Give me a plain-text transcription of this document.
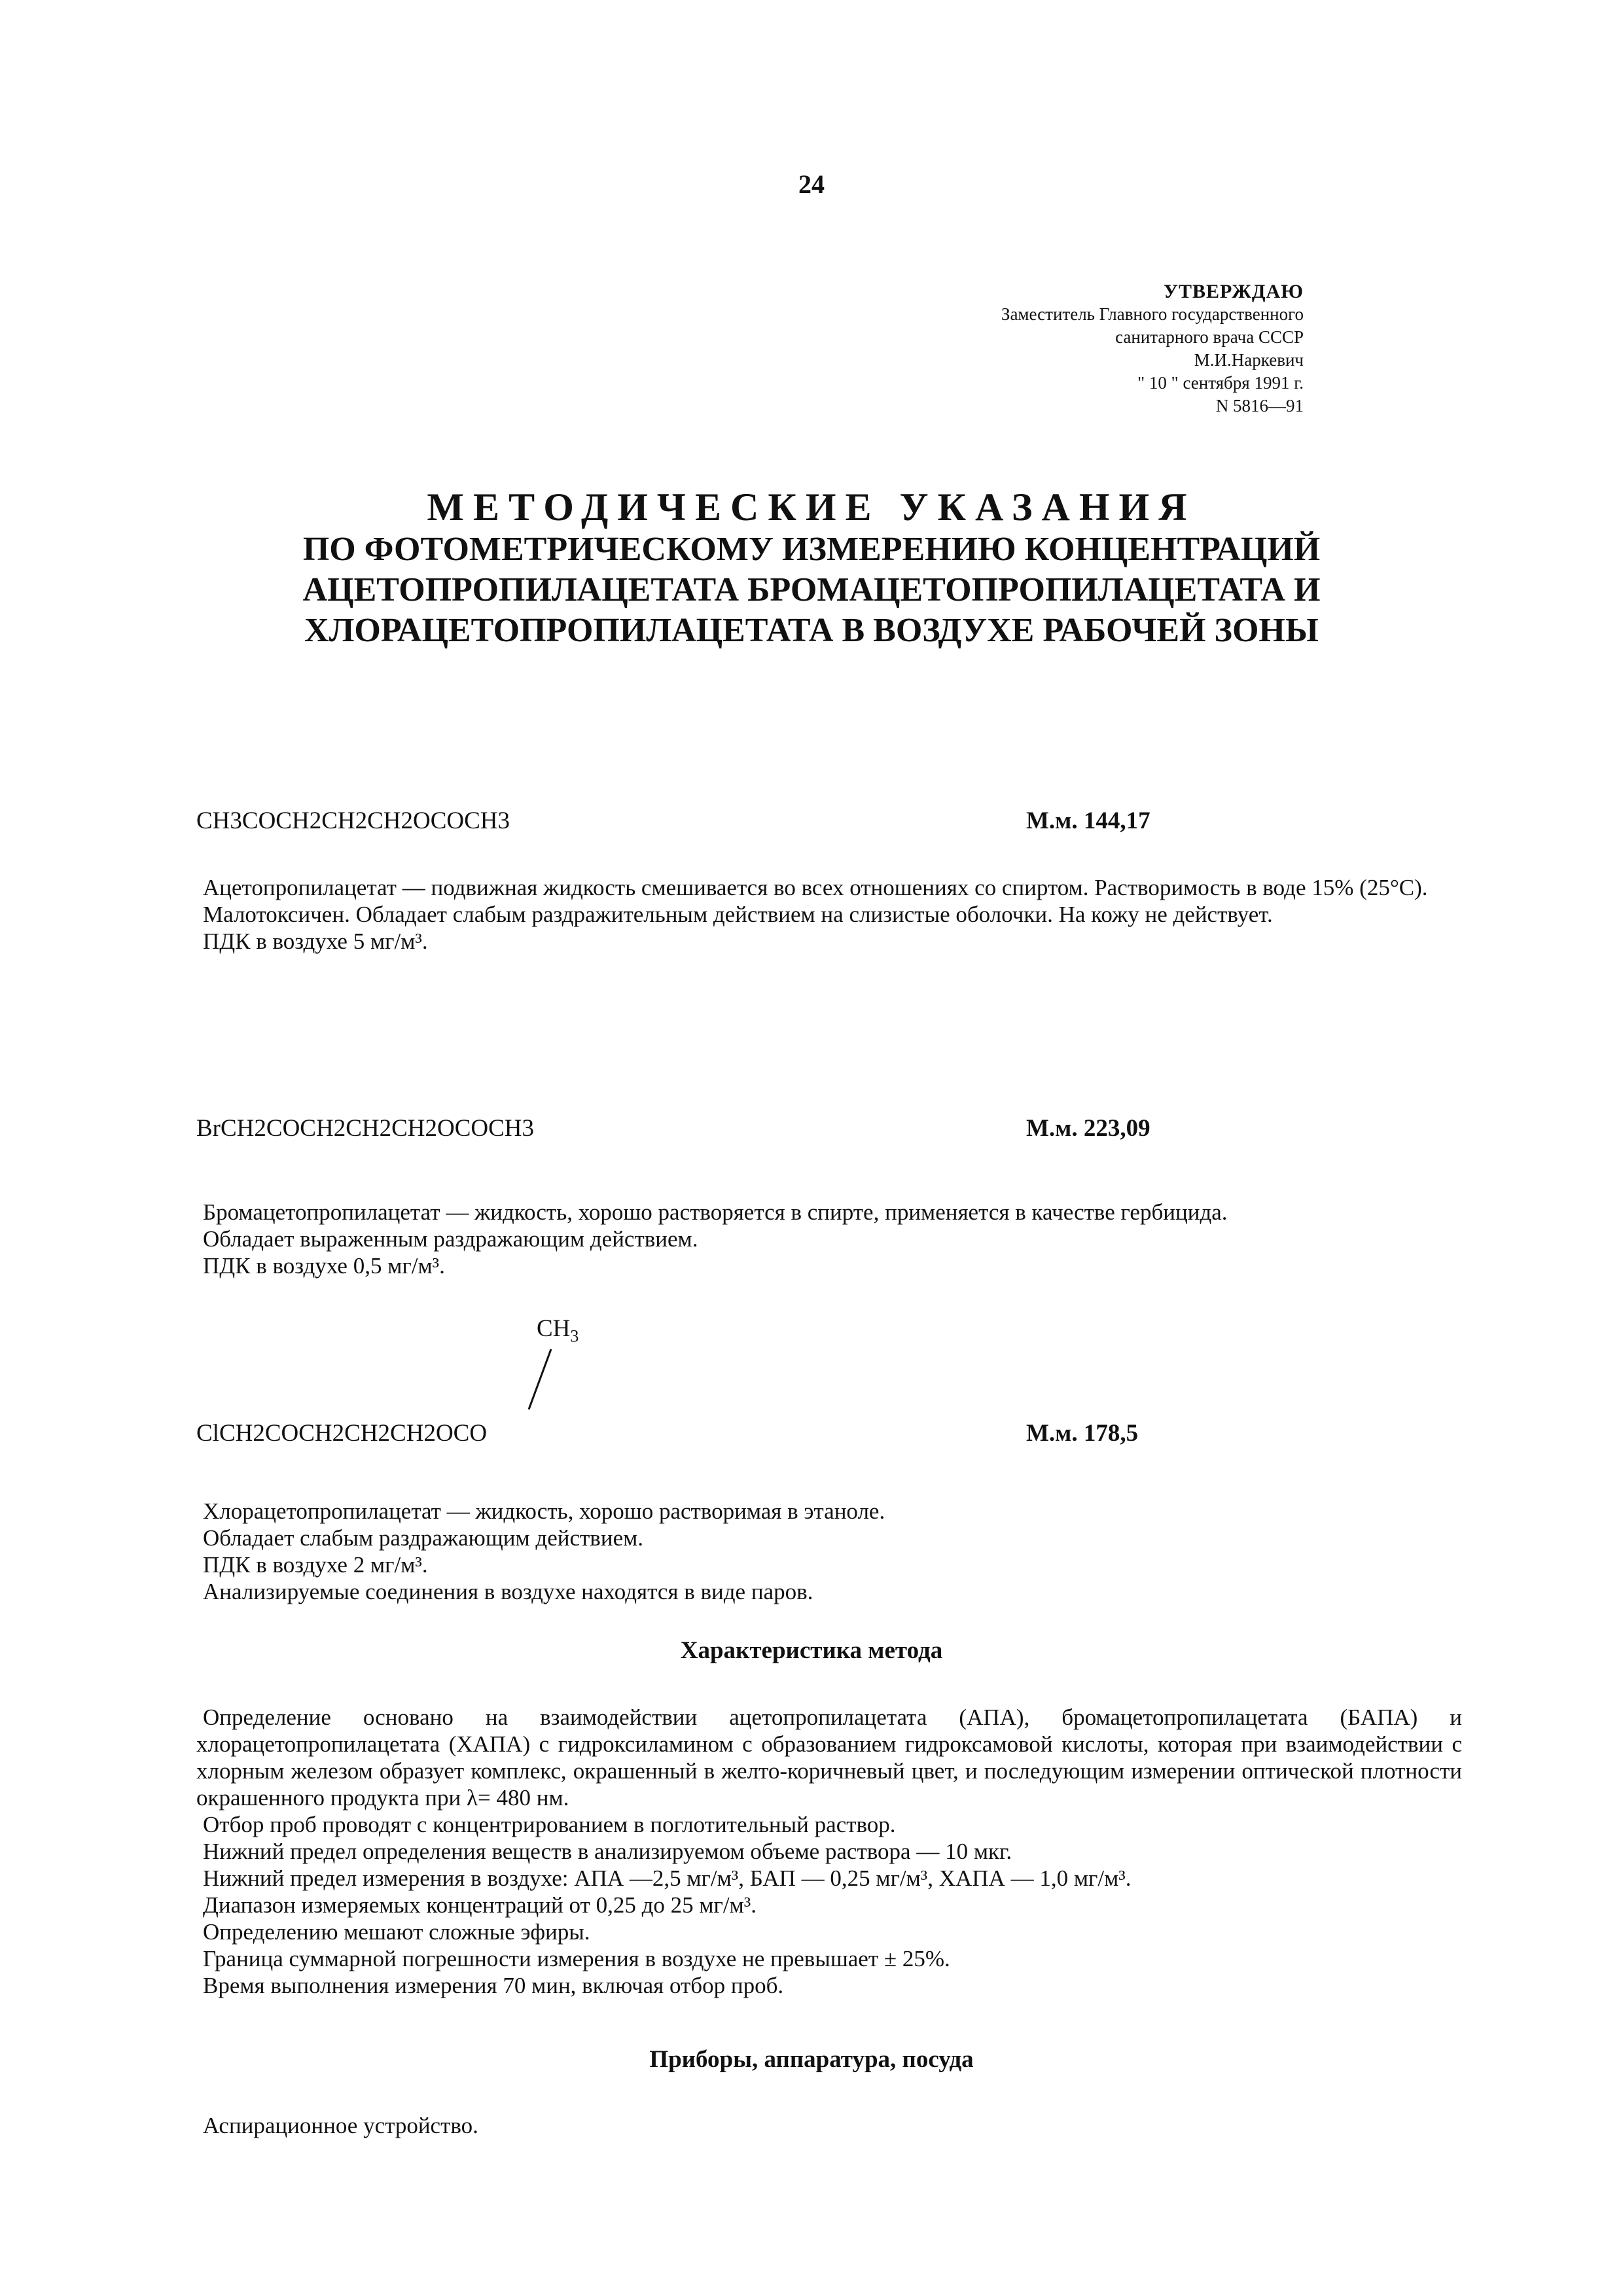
24
УТВЕРЖДАЮ
Заместитель Главного государственного
санитарного врача СССР
М.И.Наркевич
" 10 " сентября 1991 г.
N 5816—91
МЕТОДИЧЕСКИЕ УКАЗАНИЯ
ПО ФОТОМЕТРИЧЕСКОМУ ИЗМЕРЕНИЮ КОНЦЕНТРАЦИЙ
АЦЕТОПРОПИЛАЦЕТАТА БРОМАЦЕТОПРОПИЛАЦЕТАТА И
ХЛОРАЦЕТОПРОПИЛАЦЕТАТА В ВОЗДУХЕ РАБОЧЕЙ ЗОНЫ
CH3COCH2CH2CH2OCOCH3	М.м. 144,17

Ацетопропилацетат — подвижная жидкость смешивается во всех отношениях со спиртом. Растворимость в воде 15% (25°С).

Малотоксичен. Обладает слабым раздражительным действием на слизистые оболочки. На кожу не действует.

ПДК в воздухе 5 мг/м³.

BrCH2COCH2CH2CH2OCOCH3	М.м. 223,09

Бромацетопропилацетат — жидкость, хорошо растворяется в спирте, применяется в качестве гербицида.

Обладает выраженным раздражающим действием.

ПДК в воздухе 0,5 мг/м³.

$CH_3$
ClCH2COCH2CH2CH2OCO	М.м. 178,5

Хлорацетопропилацетат — жидкость, хорошо растворимая в этаноле.

Обладает слабым раздражающим действием.

ПДК в воздухе 2 мг/м³.

Анализируемые соединения в воздухе находятся в виде паров.

Характеристика метода

Определение основано на взаимодействии ацетопропилацетата (АПА), бромацетопропилацетата (БАПА) и хлорацетопропилацетата (ХАПА) с гидроксиламином с образованием гидроксамовой кислоты, которая при взаимодействии с хлорным железом образует комплекс, окрашенный в желто-коричневый цвет, и последующим измерении оптической плотности окрашенного продукта при λ= 480 нм.

Отбор проб проводят с концентрированием в поглотительный раствор.

Нижний предел определения веществ в анализируемом объеме раствора — 10 мкг.

Нижний предел измерения в воздухе: АПА —2,5 мг/м³, БАП — 0,25 мг/м³, ХАПА — 1,0 мг/м³.

Диапазон измеряемых концентраций от 0,25 до 25 мг/м³.

Определению мешают сложные эфиры.

Граница суммарной погрешности измерения в воздухе не превышает ± 25%.

Время выполнения измерения 70 мин, включая отбор проб.

Приборы, аппаратура, посуда

Аспирационное устройство.
